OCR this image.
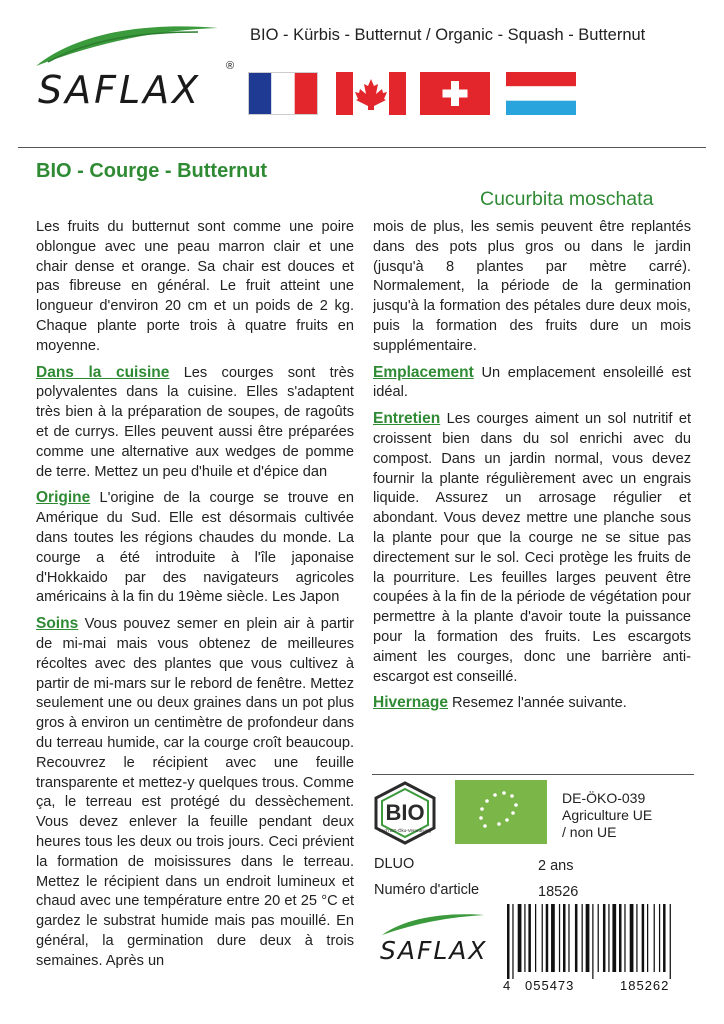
SAFLAX
®
BIO - Kürbis - Butternut / Organic - Squash - Butternut
BIO - Courge - Butternut
Cucurbita moschata

Les fruits du butternut sont comme une poire oblongue avec une peau marron clair et une chair dense et orange. Sa chair est douces et pas fibreuse en général. Le fruit atteint une longueur d'environ 20 cm et un poids de 2 kg. Chaque plante porte trois à quatre fruits en moyenne.

Dans la cuisine Les courges sont très polyvalentes dans la cuisine. Elles s'adaptent très bien à la préparation de soupes, de ragoûts et de currys. Elles peuvent aussi être préparées comme une alternative aux wedges de pomme de terre. Mettez un peu d'huile et d'épice dan

Origine L'origine de la courge se trouve en Amérique du Sud. Elle est désormais cultivée dans toutes les régions chaudes du monde. La courge a été introduite à l'île japonaise d'Hokkaido par des navigateurs agricoles américains à la fin du 19ème siècle. Les Japon

Soins Vous pouvez semer en plein air à partir de mi-mai mais vous obtenez de meilleures récoltes avec des plantes que vous cultivez à partir de mi-mars sur le rebord de fenêtre. Mettez seulement une ou deux graines dans un pot plus gros à environ un centimètre de profondeur dans du terreau humide, car la courge croît beaucoup. Recouvrez le récipient avec une feuille transparente et mettez-y quelques trous. Comme ça, le terreau est protégé du dessèchement. Vous devez enlever la feuille pendant deux heures tous les deux ou trois jours. Ceci prévient la formation de moisissures dans le terreau. Mettez le récipient dans un endroit lumineux et chaud avec une température entre 20 et 25 °C et gardez le substrat humide mais pas mouillé. En général, la germination dure deux à trois semaines. Après un

mois de plus, les semis peuvent être replantés dans des pots plus gros ou dans le jardin (jusqu'à 8 plantes par mètre carré). Normalement, la période de la germination jusqu'à la formation des pétales dure deux mois, puis la formation des fruits dure un mois supplémentaire.

Emplacement Un emplacement ensoleillé est idéal.

Entretien Les courges aiment un sol nutritif et croissent bien dans du sol enrichi avec du compost. Dans un jardin normal, vous devez fournir la plante régulièrement avec un engrais liquide. Assurez un arrosage régulier et abondant. Vous devez mettre une planche sous la plante pour que la courge ne se situe pas directement sur le sol. Ceci protège les fruits de la pourriture. Les feuilles larges peuvent être coupées à la fin de la période de végétation pour permettre à la plante d'avoir toute la puissance pour la formation des fruits. Les escargots aiment les courges, donc une barrière anti-escargot est conseillé.

Hivernage Resemez l'année suivante.

BIO
nach EG-Öko-Verordnung
DE-ÖKO-039
Agriculture UE
/ non UE
DLUO	2 ans
Numéro d'article	18526
SAFLAX
4 055473	185262
